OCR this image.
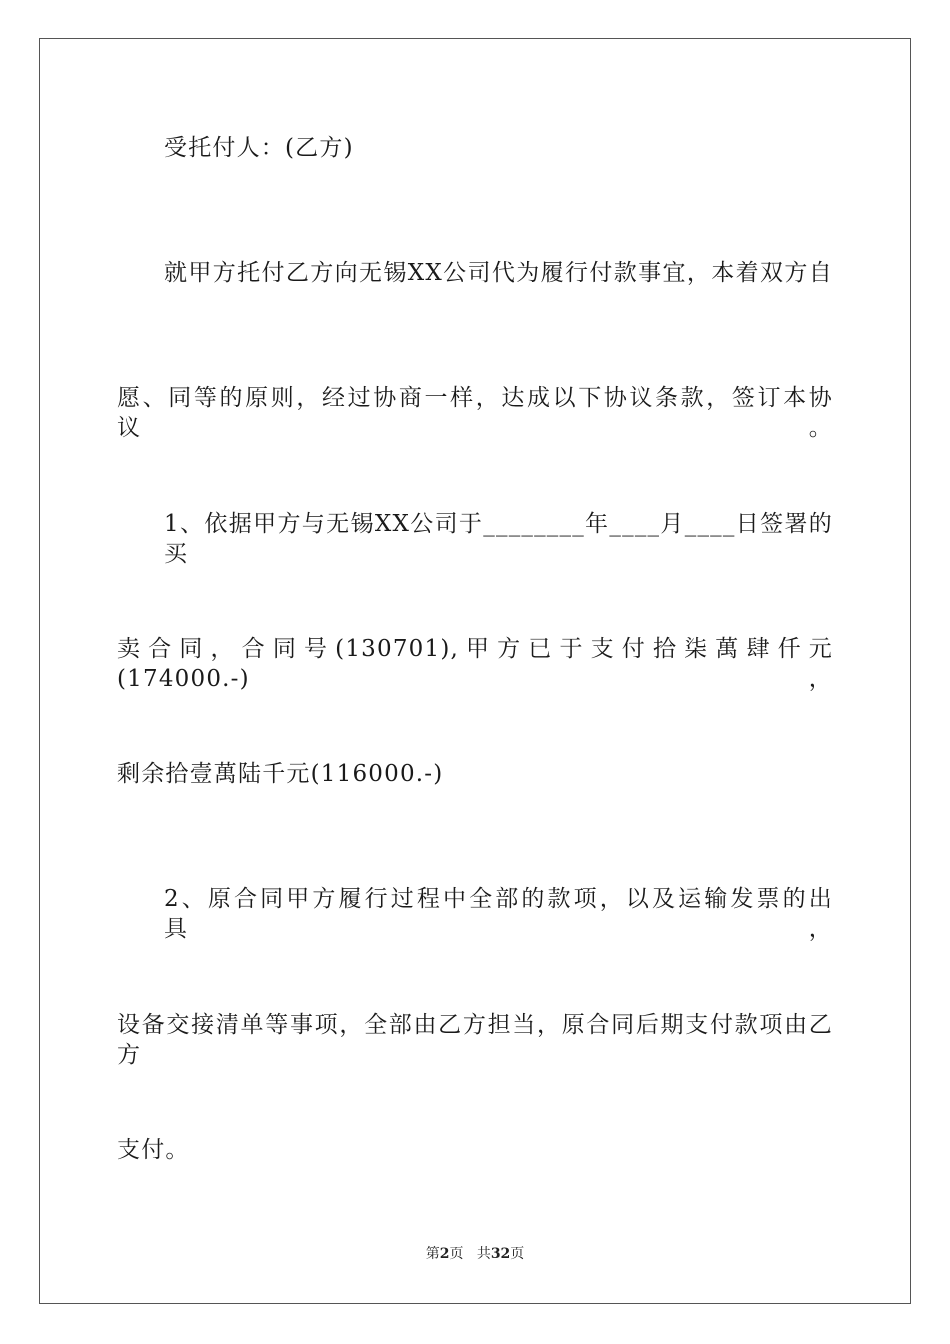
受托付人：(乙方)
就甲方托付乙方向无锡XX公司代为履行付款事宜，本着双方自
愿、同等的原则，经过协商一样，达成以下协议条款，签订本协议。
1、依据甲方与无锡XX公司于________年____月____日签署的买
卖合同，合同号(130701),甲方已于支付拾柒萬肆仟元(174000.-)，
剩余拾壹萬陆千元(116000.-)
2、原合同甲方履行过程中全部的款项，以及运输发票的出具，
设备交接清单等事项，全部由乙方担当，原合同后期支付款项由乙方
支付。
第2页 共32页
